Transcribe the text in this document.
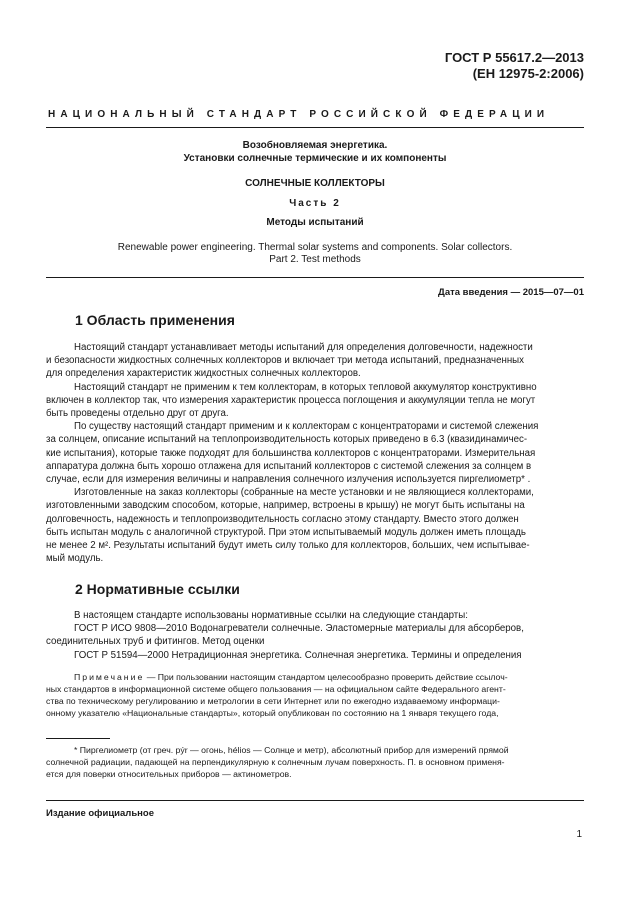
ГОСТ Р 55617.2—2013
(ЕН 12975-2:2006)
НАЦИОНАЛЬНЫЙ СТАНДАРТ РОССИЙСКОЙ ФЕДЕРАЦИИ
Возобновляемая энергетика.
Установки солнечные термические и их компоненты
СОЛНЕЧНЫЕ КОЛЛЕКТОРЫ
Часть 2
Методы испытаний
Renewable power engineering. Thermal solar systems and components. Solar collectors.
Part 2. Test methods
Дата введения — 2015—07—01
1 Область применения
Настоящий стандарт устанавливает методы испытаний для определения долговечности, надежности
и безопасности жидкостных солнечных коллекторов и включает три метода испытаний, предназначенных
для определения характеристик жидкостных солнечных коллекторов.
Настоящий стандарт не применим к тем коллекторам, в которых тепловой аккумулятор конструктивно
включен в коллектор так, что измерения характеристик процесса поглощения и аккумуляции тепла не могут
быть проведены отдельно друг от друга.
По существу настоящий стандарт применим и к коллекторам с концентраторами и системой слежения
за солнцем, описание испытаний на теплопроизводительность которых приведено в 6.3 (квазидинамичес-
кие испытания), которые также подходят для большинства коллекторов с концентраторами. Измерительная
аппаратура должна быть хорошо отлажена для испытаний коллекторов с системой слежения за солнцем в
случае, если для измерения величины и направления солнечного излучения используется пиргелиометр* .
Изготовленные на заказ коллекторы (собранные на месте установки и не являющиеся коллекторами,
изготовленными заводским способом, которые, например, встроены в крышу) не могут быть испытаны на
долговечность, надежность и теплопроизводительность согласно этому стандарту. Вместо этого должен
быть испытан модуль с аналогичной структурой. При этом испытываемый модуль должен иметь площадь
не менее 2 м². Результаты испытаний будут иметь силу только для коллекторов, больших, чем испытывае-
мый модуль.
2 Нормативные ссылки
В настоящем стандарте использованы нормативные ссылки на следующие стандарты:
ГОСТ Р ИСО 9808—2010 Водонагреватели солнечные. Эластомерные материалы для абсорберов,
соединительных труб и фитингов. Метод оценки
ГОСТ Р 51594—2000 Нетрадиционная энергетика. Солнечная энергетика. Термины и определения
Примечание — При пользовании настоящим стандартом целесообразно проверить действие ссылоч-
ных стандартов в информационной системе общего пользования — на официальном сайте Федерального агент-
ства по техническому регулированию и метрологии в сети Интернет или по ежегодно издаваемому информаци-
онному указателю «Национальные стандарты», который опубликован по состоянию на 1 января текущего года,
* Пиргелиометр (от греч. pýr — огонь, hélios — Солнце и метр), абсолютный прибор для измерений прямой
солнечной радиации, падающей на перпендикулярную к солнечным лучам поверхность. П. в основном применя-
ется для поверки относительных приборов — актинометров.
Издание официальное
1
